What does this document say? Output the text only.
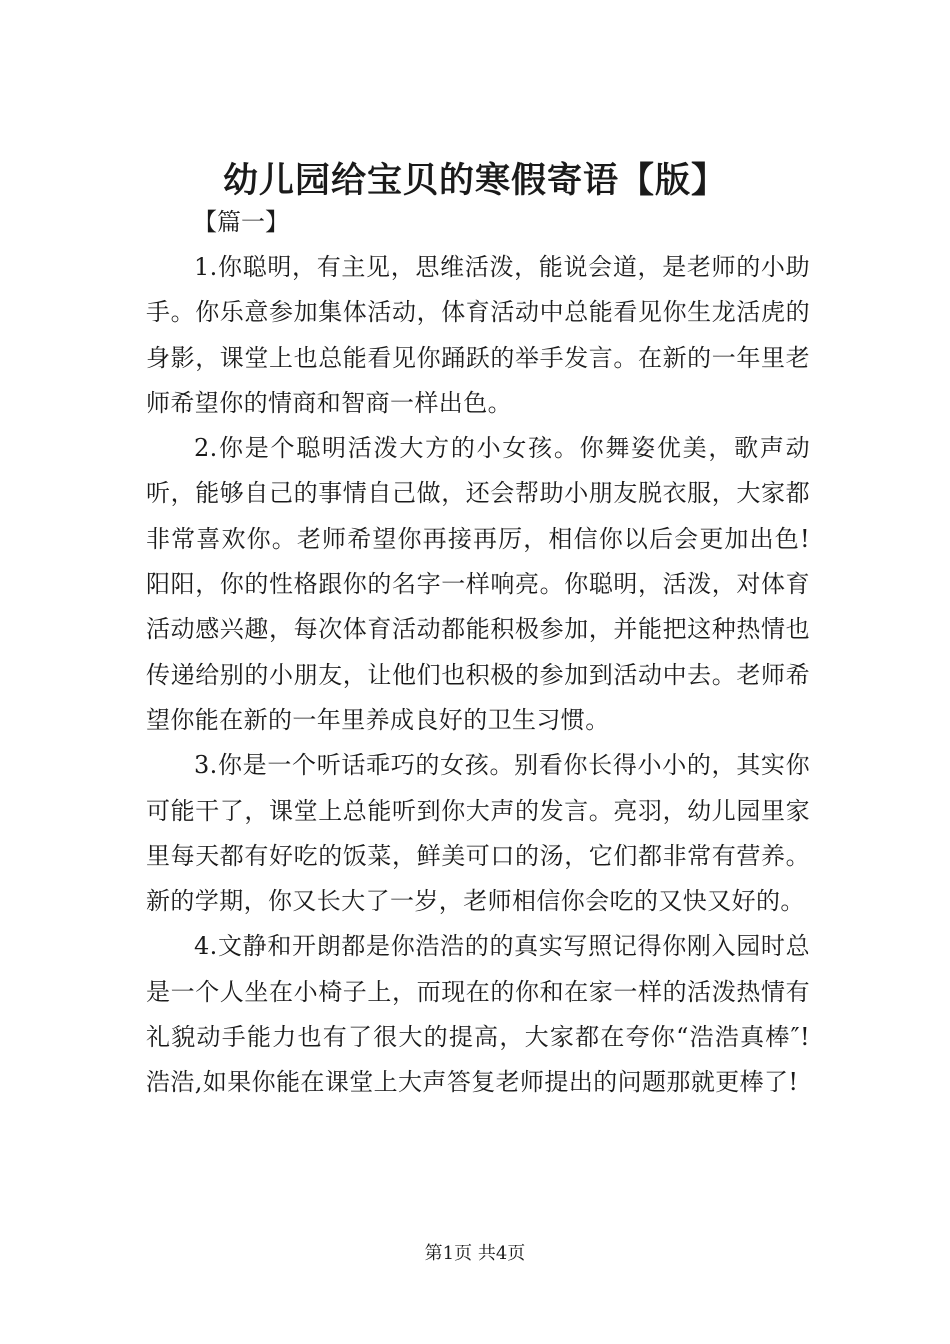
幼儿园给宝贝的寒假寄语【版】
【篇一】

1.你聪明，有主见，思维活泼，能说会道，是老师的小助手。你乐意参加集体活动，体育活动中总能看见你生龙活虎的身影，课堂上也总能看见你踊跃的举手发言。在新的一年里老师希望你的情商和智商一样出色。

2.你是个聪明活泼大方的小女孩。你舞姿优美，歌声动听，能够自己的事情自己做，还会帮助小朋友脱衣服，大家都非常喜欢你。老师希望你再接再厉，相信你以后会更加出色!阳阳，你的性格跟你的名字一样响亮。你聪明，活泼，对体育活动感兴趣，每次体育活动都能积极参加，并能把这种热情也传递给别的小朋友，让他们也积极的参加到活动中去。老师希望你能在新的一年里养成良好的卫生习惯。

3.你是一个听话乖巧的女孩。别看你长得小小的，其实你可能干了，课堂上总能听到你大声的发言。亮羽，幼儿园里家里每天都有好吃的饭菜，鲜美可口的汤，它们都非常有营养。新的学期，你又长大了一岁，老师相信你会吃的又快又好的。

4.文静和开朗都是你浩浩的的真实写照记得你刚入园时总是一个人坐在小椅子上，而现在的你和在家一样的活泼热情有礼貌动手能力也有了很大的提高，大家都在夸你“浩浩真棒″!浩浩,如果你能在课堂上大声答复老师提出的问题那就更棒了!

第1页 共4页
